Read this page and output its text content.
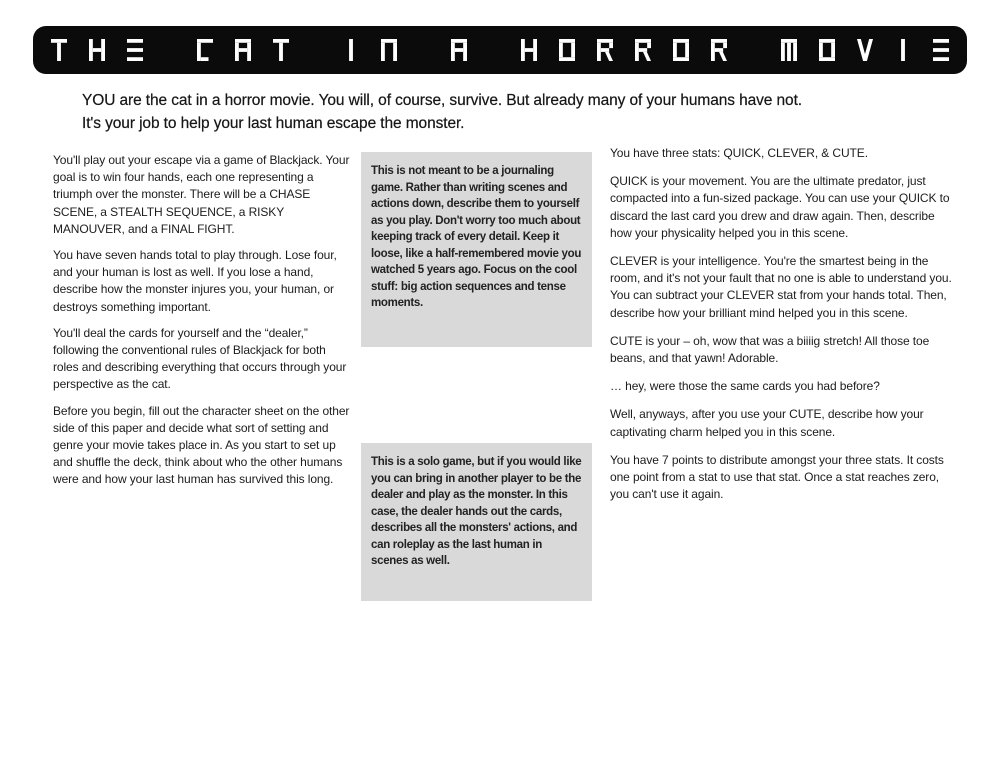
YOU are the cat in a horror movie. You will, of course, survive. But already many of your humans have not.
It's your job to help your last human escape the monster.

You'll play out your escape via a game of Blackjack. Your goal is to win four hands, each one representing a triumph over the monster. There will be a CHASE SCENE, a STEALTH SEQUENCE, a RISKY MANOUVER, and a FINAL FIGHT.

You have seven hands total to play through. Lose four, and your human is lost as well. If you lose a hand, describe how the monster injures you, your human, or destroys something important.

You'll deal the cards for yourself and the “dealer,” following the conventional rules of Blackjack for both roles and describing everything that occurs through your perspective as the cat.

Before you begin, fill out the character sheet on the other side of this paper and decide what sort of setting and genre your movie takes place in. As you start to set up and shuffle the deck, think about who the other humans were and how your last human has survived this long.

This is not meant to be a journaling game. Rather than writing scenes and actions down, describe them to yourself as you play. Don't worry too much about keeping track of every detail. Keep it loose, like a half-remembered movie you watched 5 years ago. Focus on the cool stuff: big action sequences and tense moments.
This is a solo game, but if you would like you can bring in another player to be the dealer and play as the monster. In this case, the dealer hands out the cards, describes all the monsters' actions, and can roleplay as the last human in scenes as well.

You have three stats: QUICK, CLEVER, & CUTE.

QUICK is your movement. You are the ultimate predator, just compacted into a fun-sized package. You can use your QUICK to discard the last card you drew and draw again. Then, describe how your physicality helped you in this scene.

CLEVER is your intelligence. You're the smartest being in the room, and it's not your fault that no one is able to understand you. You can subtract your CLEVER stat from your hands total. Then, describe how your brilliant mind helped you in this scene.

CUTE is your – oh, wow that was a biiiig stretch! All those toe beans, and that yawn! Adorable.

… hey, were those the same cards you had before?

Well, anyways, after you use your CUTE, describe how your captivating charm helped you in this scene.

You have 7 points to distribute amongst your three stats. It costs one point from a stat to use that stat. Once a stat reaches zero, you can't use it again.
